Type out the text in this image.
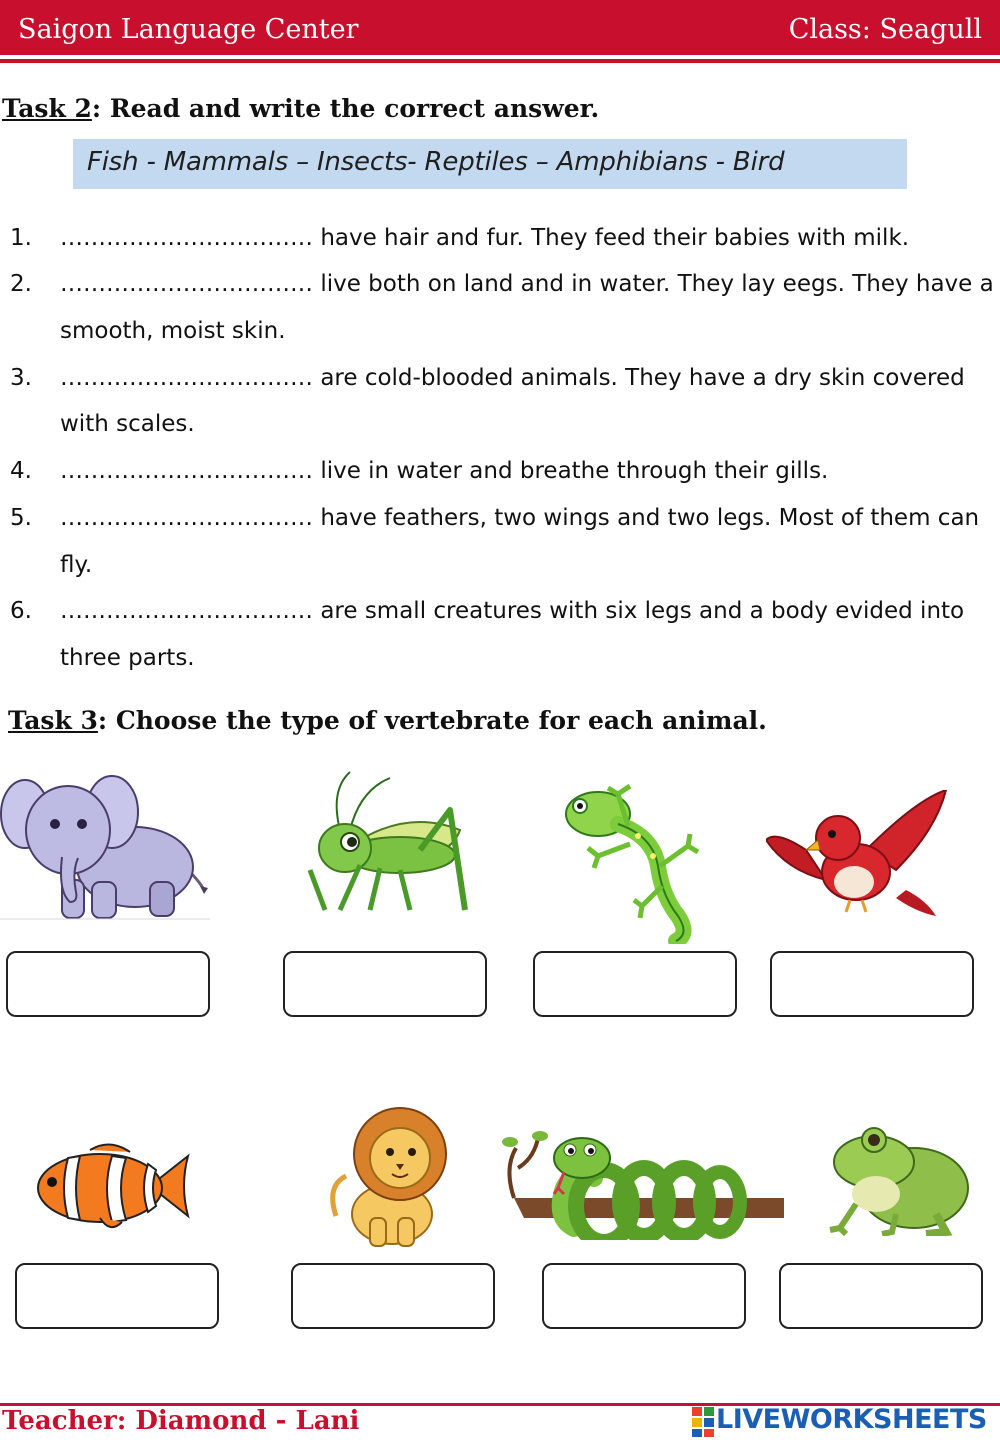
Saigon Language Center	Class: Seagull
Task 2: Read and write the correct answer.
Fish - Mammals – Insects- Reptiles – Amphibians - Bird
1. …………………………… have hair and fur. They feed their babies with milk.
2. …………………………… live both on land and in water. They lay eegs. They have a
smooth, moist skin.
3. …………………………… are cold-blooded animals. They have a dry skin covered
with scales.
4. …………………………… live in water and breathe through their gills.
5. …………………………… have feathers, two wings and two legs. Most of them can
fly.
6. …………………………… are small creatures with six legs and a body evided into
three parts.
Task 3: Choose the type of vertebrate for each animal.
Teacher: Diamond - Lani	LIVEWORKSHEETS
